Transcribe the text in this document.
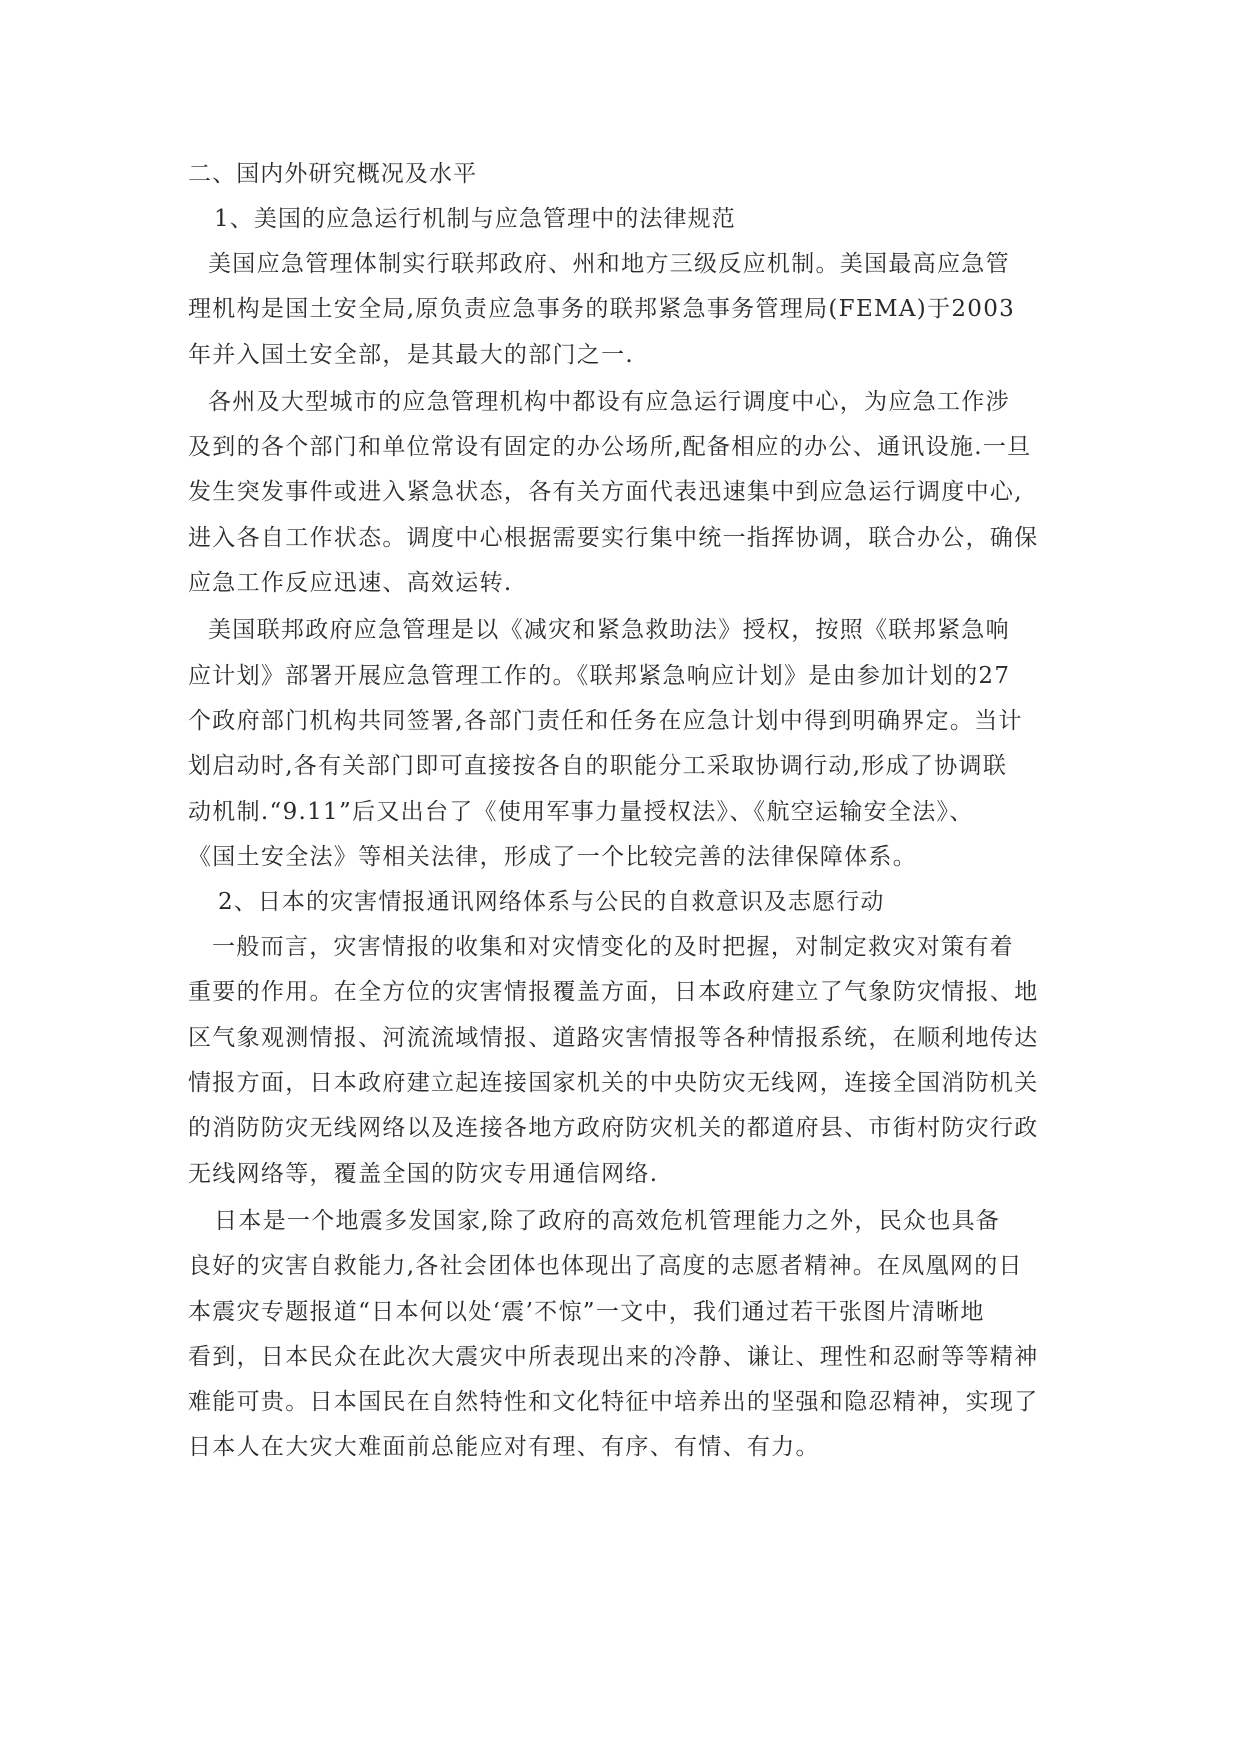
二、国内外研究概况及水平
1、美国的应急运行机制与应急管理中的法律规范
美国应急管理体制实行联邦政府、州和地方三级反应机制。美国最高应急管
理机构是国土安全局,原负责应急事务的联邦紧急事务管理局(FEMA)于2003
年并入国土安全部，是其最大的部门之一.
各州及大型城市的应急管理机构中都设有应急运行调度中心，为应急工作涉
及到的各个部门和单位常设有固定的办公场所,配备相应的办公、通讯设施.一旦
发生突发事件或进入紧急状态，各有关方面代表迅速集中到应急运行调度中心,
进入各自工作状态。调度中心根据需要实行集中统一指挥协调，联合办公，确保
应急工作反应迅速、高效运转.
美国联邦政府应急管理是以《减灾和紧急救助法》授权，按照《联邦紧急响
应计划》部署开展应急管理工作的。《联邦紧急响应计划》是由参加计划的27
个政府部门机构共同签署,各部门责任和任务在应急计划中得到明确界定。当计
划启动时,各有关部门即可直接按各自的职能分工采取协调行动,形成了协调联
动机制.“9.11”后又出台了《使用军事力量授权法》、《航空运输安全法》、
《国土安全法》等相关法律，形成了一个比较完善的法律保障体系。
2、日本的灾害情报通讯网络体系与公民的自救意识及志愿行动
一般而言，灾害情报的收集和对灾情变化的及时把握，对制定救灾对策有着
重要的作用。在全方位的灾害情报覆盖方面，日本政府建立了气象防灾情报、地
区气象观测情报、河流流域情报、道路灾害情报等各种情报系统，在顺利地传达
情报方面，日本政府建立起连接国家机关的中央防灾无线网，连接全国消防机关
的消防防灾无线网络以及连接各地方政府防灾机关的都道府县、市街村防灾行政
无线网络等，覆盖全国的防灾专用通信网络.
日本是一个地震多发国家,除了政府的高效危机管理能力之外，民众也具备
良好的灾害自救能力,各社会团体也体现出了高度的志愿者精神。在凤凰网的日
本震灾专题报道“日本何以处‘震’不惊”一文中，我们通过若干张图片清晰地
看到，日本民众在此次大震灾中所表现出来的冷静、谦让、理性和忍耐等等精神
难能可贵。日本国民在自然特性和文化特征中培养出的坚强和隐忍精神，实现了
日本人在大灾大难面前总能应对有理、有序、有情、有力。
